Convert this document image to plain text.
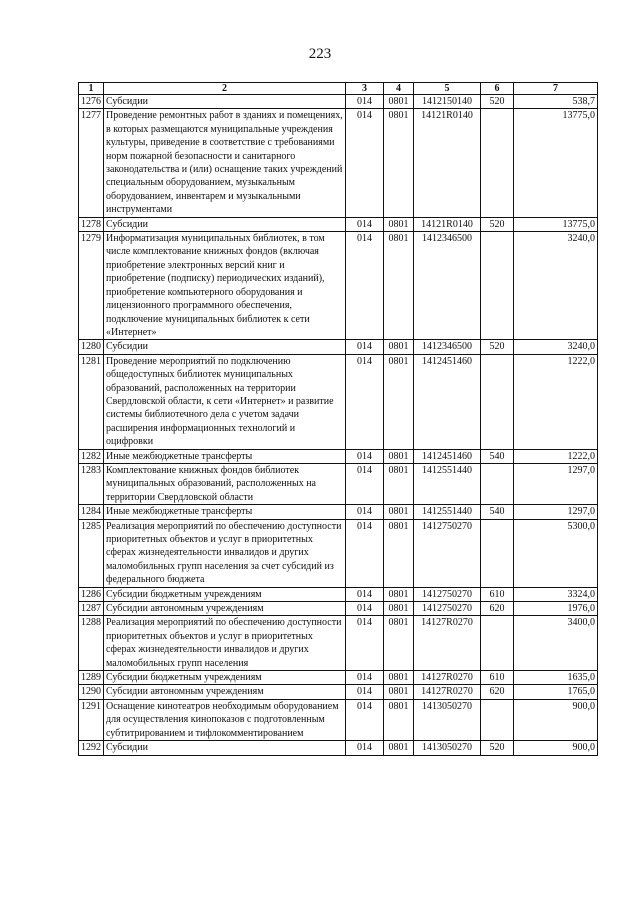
223
1	2	3	4	5	6	7
1276	Субсидии	014	0801	1412150140	520	538,7
1277	Проведение ремонтных работ в зданиях и помещениях, в которых размещаются муниципальные учреждения культуры, приведение в соответствие с требованиями норм пожарной безопасности и санитарного законодательства и (или) оснащение таких учреждений специальным оборудованием, музыкальным оборудованием, инвентарем и музыкальными инструментами	014	0801	14121R0140		13775,0
1278	Субсидии	014	0801	14121R0140	520	13775,0
1279	Информатизация муниципальных библиотек, в том числе комплектование книжных фондов (включая приобретение электронных версий книг и приобретение (подписку) периодических изданий), приобретение компьютерного оборудования и лицензионного программного обеспечения, подключение муниципальных библиотек к сети «Интернет»	014	0801	1412346500		3240,0
1280	Субсидии	014	0801	1412346500	520	3240,0
1281	Проведение мероприятий по подключению общедоступных библиотек муниципальных образований, расположенных на территории Свердловской области, к сети «Интернет» и развитие системы библиотечного дела с учетом задачи расширения информационных технологий и оцифровки	014	0801	1412451460		1222,0
1282	Иные межбюджетные трансферты	014	0801	1412451460	540	1222,0
1283	Комплектование книжных фондов библиотек муниципальных образований, расположенных на территории Свердловской области	014	0801	1412551440		1297,0
1284	Иные межбюджетные трансферты	014	0801	1412551440	540	1297,0
1285	Реализация мероприятий по обеспечению доступности приоритетных объектов и услуг в приоритетных сферах жизнедеятельности инвалидов и других маломобильных групп населения за счет субсидий из федерального бюджета	014	0801	1412750270		5300,0
1286	Субсидии бюджетным учреждениям	014	0801	1412750270	610	3324,0
1287	Субсидии автономным учреждениям	014	0801	1412750270	620	1976,0
1288	Реализация мероприятий по обеспечению доступности приоритетных объектов и услуг в приоритетных сферах жизнедеятельности инвалидов и других маломобильных групп населения	014	0801	14127R0270		3400,0
1289	Субсидии бюджетным учреждениям	014	0801	14127R0270	610	1635,0
1290	Субсидии автономным учреждениям	014	0801	14127R0270	620	1765,0
1291	Оснащение кинотеатров необходимым оборудованием для осуществления кинопоказов с подготовленным субтитрированием и тифлокомментированием	014	0801	1413050270		900,0
1292	Субсидии	014	0801	1413050270	520	900,0
